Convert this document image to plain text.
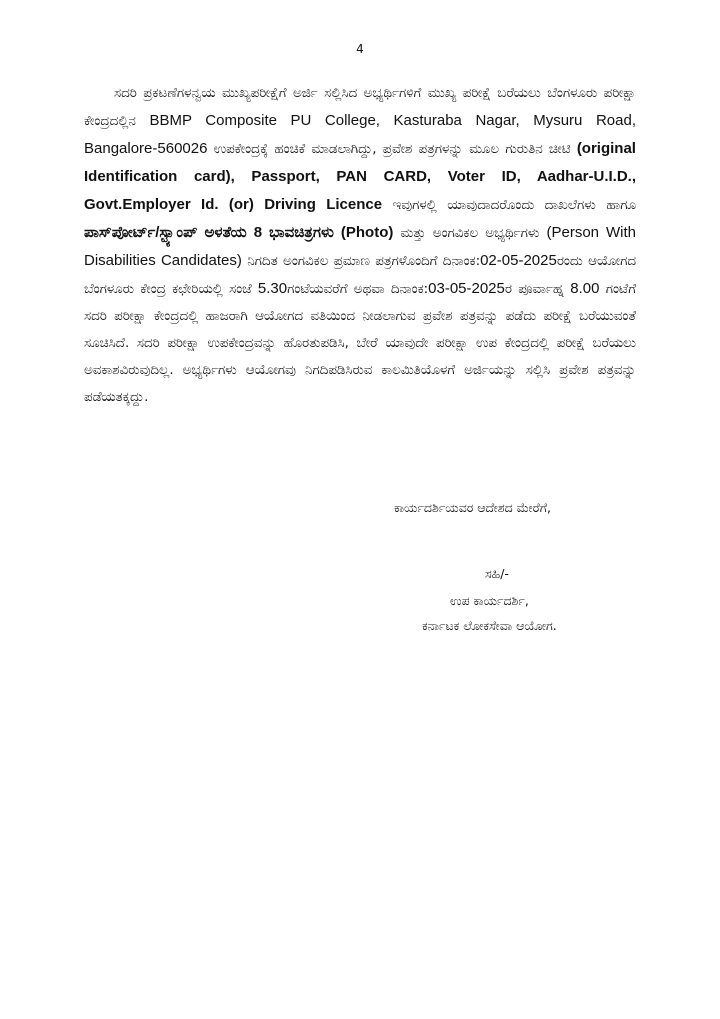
4

ಸದರಿ ಪ್ರಕಟಣೆಗಳನ್ವಯ ಮುಖ್ಯಪರೀಕ್ಷೆಗೆ ಅರ್ಜಿ ಸಲ್ಲಿಸಿದ ಅಭ್ಯರ್ಥಿಗಳಿಗೆ ಮುಖ್ಯ ಪರೀಕ್ಷೆ ಬರೆಯಲು ಬೆಂಗಳೂರು ಪರೀಕ್ಷಾ ಕೇಂದ್ರದಲ್ಲಿನ BBMP Composite PU College, Kasturaba Nagar, Mysuru Road, Bangalore-560026 ಉಪಕೇಂದ್ರಕ್ಕೆ ಹಂಚಿಕೆ ಮಾಡಲಾಗಿದ್ದು, ಪ್ರವೇಶ ಪತ್ರಗಳನ್ನು ಮೂಲ ಗುರುತಿನ ಚೀಟಿ (original Identification card), Passport, PAN CARD, Voter ID, Aadhar-U.I.D., Govt.Employer Id. (or) Driving Licence ಇವುಗಳಲ್ಲಿ ಯಾವುದಾದರೊಂದು ದಾಖಲೆಗಳು ಹಾಗೂ ಪಾಸ್‌ಪೋರ್ಟ್/ಸ್ಟ್ಯಾಂಪ್ ಅಳತೆಯ 8 ಭಾವಚಿತ್ರಗಳು (Photo) ಮತ್ತು ಅಂಗವಿಕಲ ಅಭ್ಯರ್ಥಿಗಳು (Person With Disabilities Candidates) ನಿಗದಿತ ಅಂಗವಿಕಲ ಪ್ರಮಾಣ ಪತ್ರಗಳೊಂದಿಗೆ ದಿನಾಂಕ:02-05-2025ರಂದು ಆಯೋಗದ ಬೆಂಗಳೂರು ಕೇಂದ್ರ ಕಛೇರಿಯಲ್ಲಿ ಸಂಜೆ 5.30ಗಂಟೆಯವರೆಗೆ ಅಥವಾ ದಿನಾಂಕ:03-05-2025ರ ಪೂರ್ವಾಹ್ನ 8.00 ಗಂಟೆಗೆ ಸದರಿ ಪರೀಕ್ಷಾ ಕೇಂದ್ರದಲ್ಲಿ ಹಾಜರಾಗಿ ಆಯೋಗದ ವತಿಯಿಂದ ನೀಡಲಾಗುವ ಪ್ರವೇಶ ಪತ್ರವನ್ನು ಪಡೆದು ಪರೀಕ್ಷೆ ಬರೆಯುವಂತೆ ಸೂಚಿಸಿದೆ. ಸದರಿ ಪರೀಕ್ಷಾ ಉಪಕೇಂದ್ರವನ್ನು ಹೊರತುಪಡಿಸಿ, ಬೇರೆ ಯಾವುದೇ ಪರೀಕ್ಷಾ ಉಪ ಕೇಂದ್ರದಲ್ಲಿ ಪರೀಕ್ಷೆ ಬರೆಯಲು ಅವಕಾಶವಿರುವುದಿಲ್ಲ. ಅಭ್ಯರ್ಥಿಗಳು ಆಯೋಗವು ನಿಗದಿಪಡಿಸಿರುವ ಕಾಲಮಿತಿಯೊಳಗೆ ಅರ್ಜಿಯನ್ನು ಸಲ್ಲಿಸಿ ಪ್ರವೇಶ ಪತ್ರವನ್ನು ಪಡೆಯತಕ್ಕದ್ದು.

ಕಾರ್ಯದರ್ಶಿಯವರ ಆದೇಶದ ಮೇರೆಗೆ,
ಸಹಿ/-
ಉಪ ಕಾರ್ಯದರ್ಶಿ,
ಕರ್ನಾಟಕ ಲೋಕಸೇವಾ ಆಯೋಗ.
